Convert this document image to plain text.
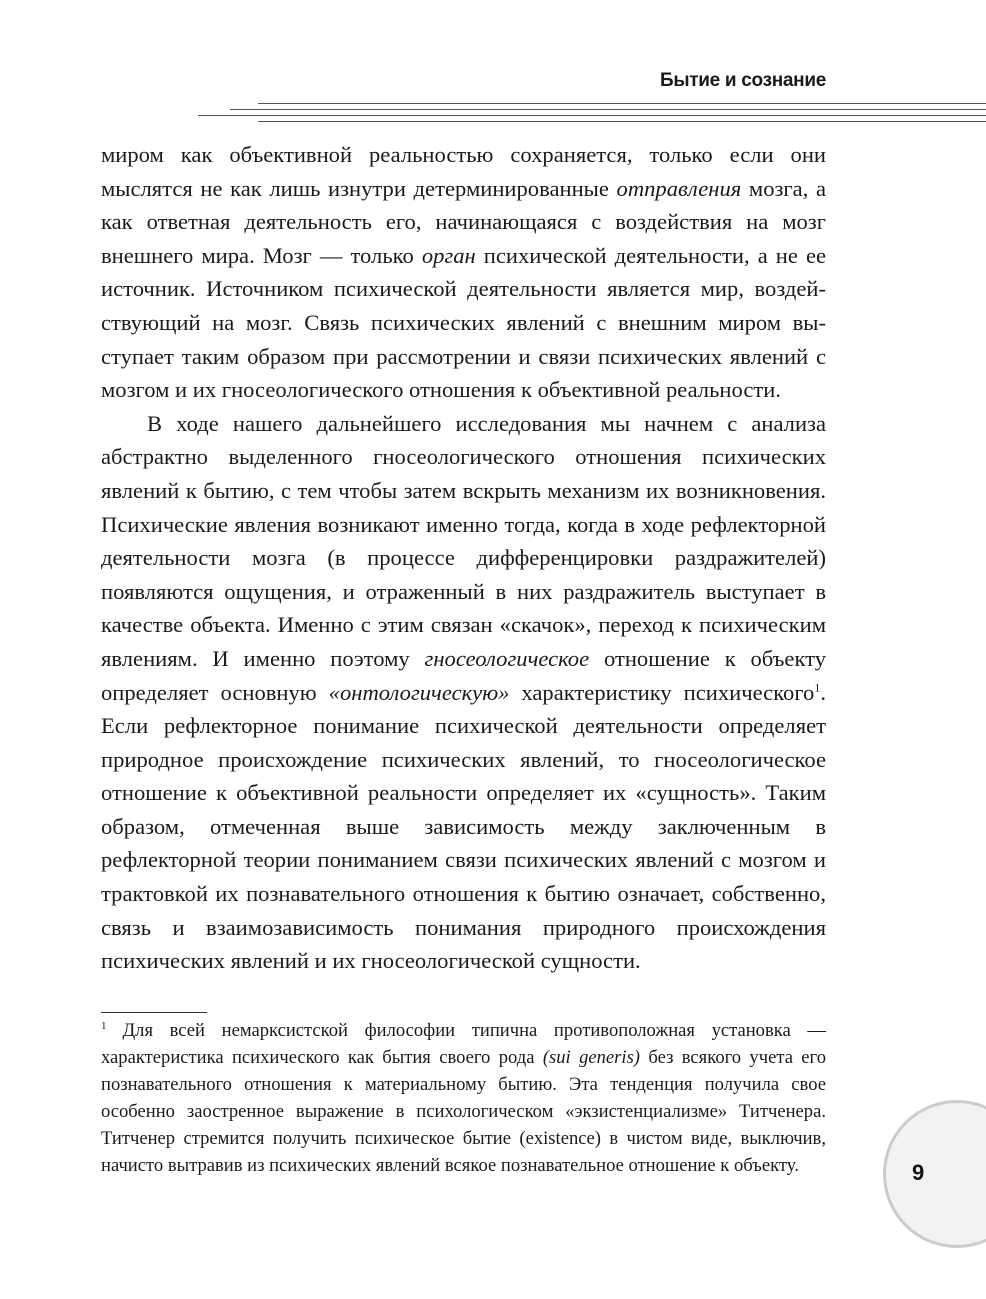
Бытие и сознание

миром как объективной реальностью сохраняется, только если они мыслятся не как лишь изнутри детерминированные отправления мозга, а как ответная деятельность его, начинающаяся с воздействия на мозг внешнего мира. Мозг — только орган психической деятельности, а не ее источник. Источником психической деятельности является мир, воздействующий на мозг. Связь психических явлений с внешним миром выступает таким образом при рассмотрении и связи психических явлений с мозгом и их гносеологического отношения к объективной реальности.

В ходе нашего дальнейшего исследования мы начнем с анализа абстрактно выделенного гносеологического отношения психических явлений к бытию, с тем чтобы затем вскрыть механизм их возникновения. Психические явления возникают именно тогда, когда в ходе рефлекторной деятельности мозга (в процессе дифференцировки раздражителей) появляются ощущения, и отраженный в них раздражитель выступает в качестве объекта. Именно с этим связан «скачок», переход к психическим явлениям. И именно поэтому гносеологическое отношение к объекту определяет основную «онтологическую» характеристику психического$^1$. Если рефлекторное понимание психической деятельности определяет природное происхождение психических явлений, то гносеологическое отношение к объективной реальности определяет их «сущность». Таким образом, отмеченная выше зависимость между заключенным в рефлекторной теории пониманием связи психических явлений с мозгом и трактовкой их познавательного отношения к бытию означает, собственно, связь и взаимозависимость понимания природного происхождения психических явлений и их гносеологической сущности.

$^1$ Для всей немарксистской философии типична противоположная установка — характеристика психического как бытия своего рода (sui generis) без всякого учета его познавательного отношения к материальному бытию. Эта тенденция получила свое особенно заостренное выражение в психологическом «экзистенциализме» Титченера. Титченер стремится получить психическое бытие (existence) в чистом виде, выключив, начисто вытравив из психических явлений всякое познавательное отношение к объекту.	9
